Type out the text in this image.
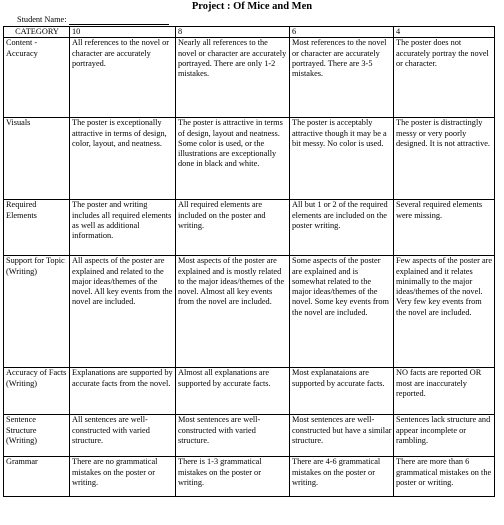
Project : Of Mice and Men
Student Name:
CATEGORY	10	8	6	4
Content - Accuracy	All references to the novel or character are accurately portrayed.	Nearly all references to the novel or character are accurately portrayed. There are only 1-2 mistakes.	Most references to the novel or character are accurately portrayed. There are 3-5 mistakes.	The poster does not accurately portray the novel or character.
Visuals	The poster is exceptionally attractive in terms of design, color, layout, and neatness.	The poster is attractive in terms of design, layout and neatness. Some color is used, or the illustrations are exceptionally done in black and white.	The poster is acceptably attractive though it may be a bit messy. No color is used.	The poster is distractingly messy or very poorly designed. It is not attractive.
Required Elements	The poster and writing includes all required elements as well as additional information.	All required elements are included on the poster and writing.	All but 1 or 2 of the required elements are included on the poster writing.	Several required elements were missing.
Support for Topic (Writing)	All aspects of the poster are explained and related to the major ideas/themes of the novel. All key events from the novel are included.	Most aspects of the poster are explained and is mostly related to the major ideas/themes of the novel. Almost all key events from the novel are included.	Some aspects of the poster are explained and is somewhat related to the major ideas/themes of the novel. Some key events from the novel are included.	Few aspects of the poster are explained and it relates minimally to the major ideas/themes of the novel. Very few key events from the novel are included.
Accuracy of Facts (Writing)	Explanations are supported by accurate facts from the novel.	Almost all explanations are supported by accurate facts.	Most explanataions are supported by accurate facts.	NO facts are reported OR most are inaccurately reported.
Sentence Structure (Writing)	All sentences are well-constructed with varied structure.	Most sentences are well-constructed with varied structure.	Most sentences are well-constructed but have a similar structure.	Sentences lack structure and appear incomplete or rambling.
Grammar	There are no grammatical mistakes on the poster or writing.	There is 1-3 grammatical mistakes on the poster or writing.	There are 4-6 grammatical mistakes on the poster or writing.	There are more than 6 grammatical mistakes on the poster or writing.
